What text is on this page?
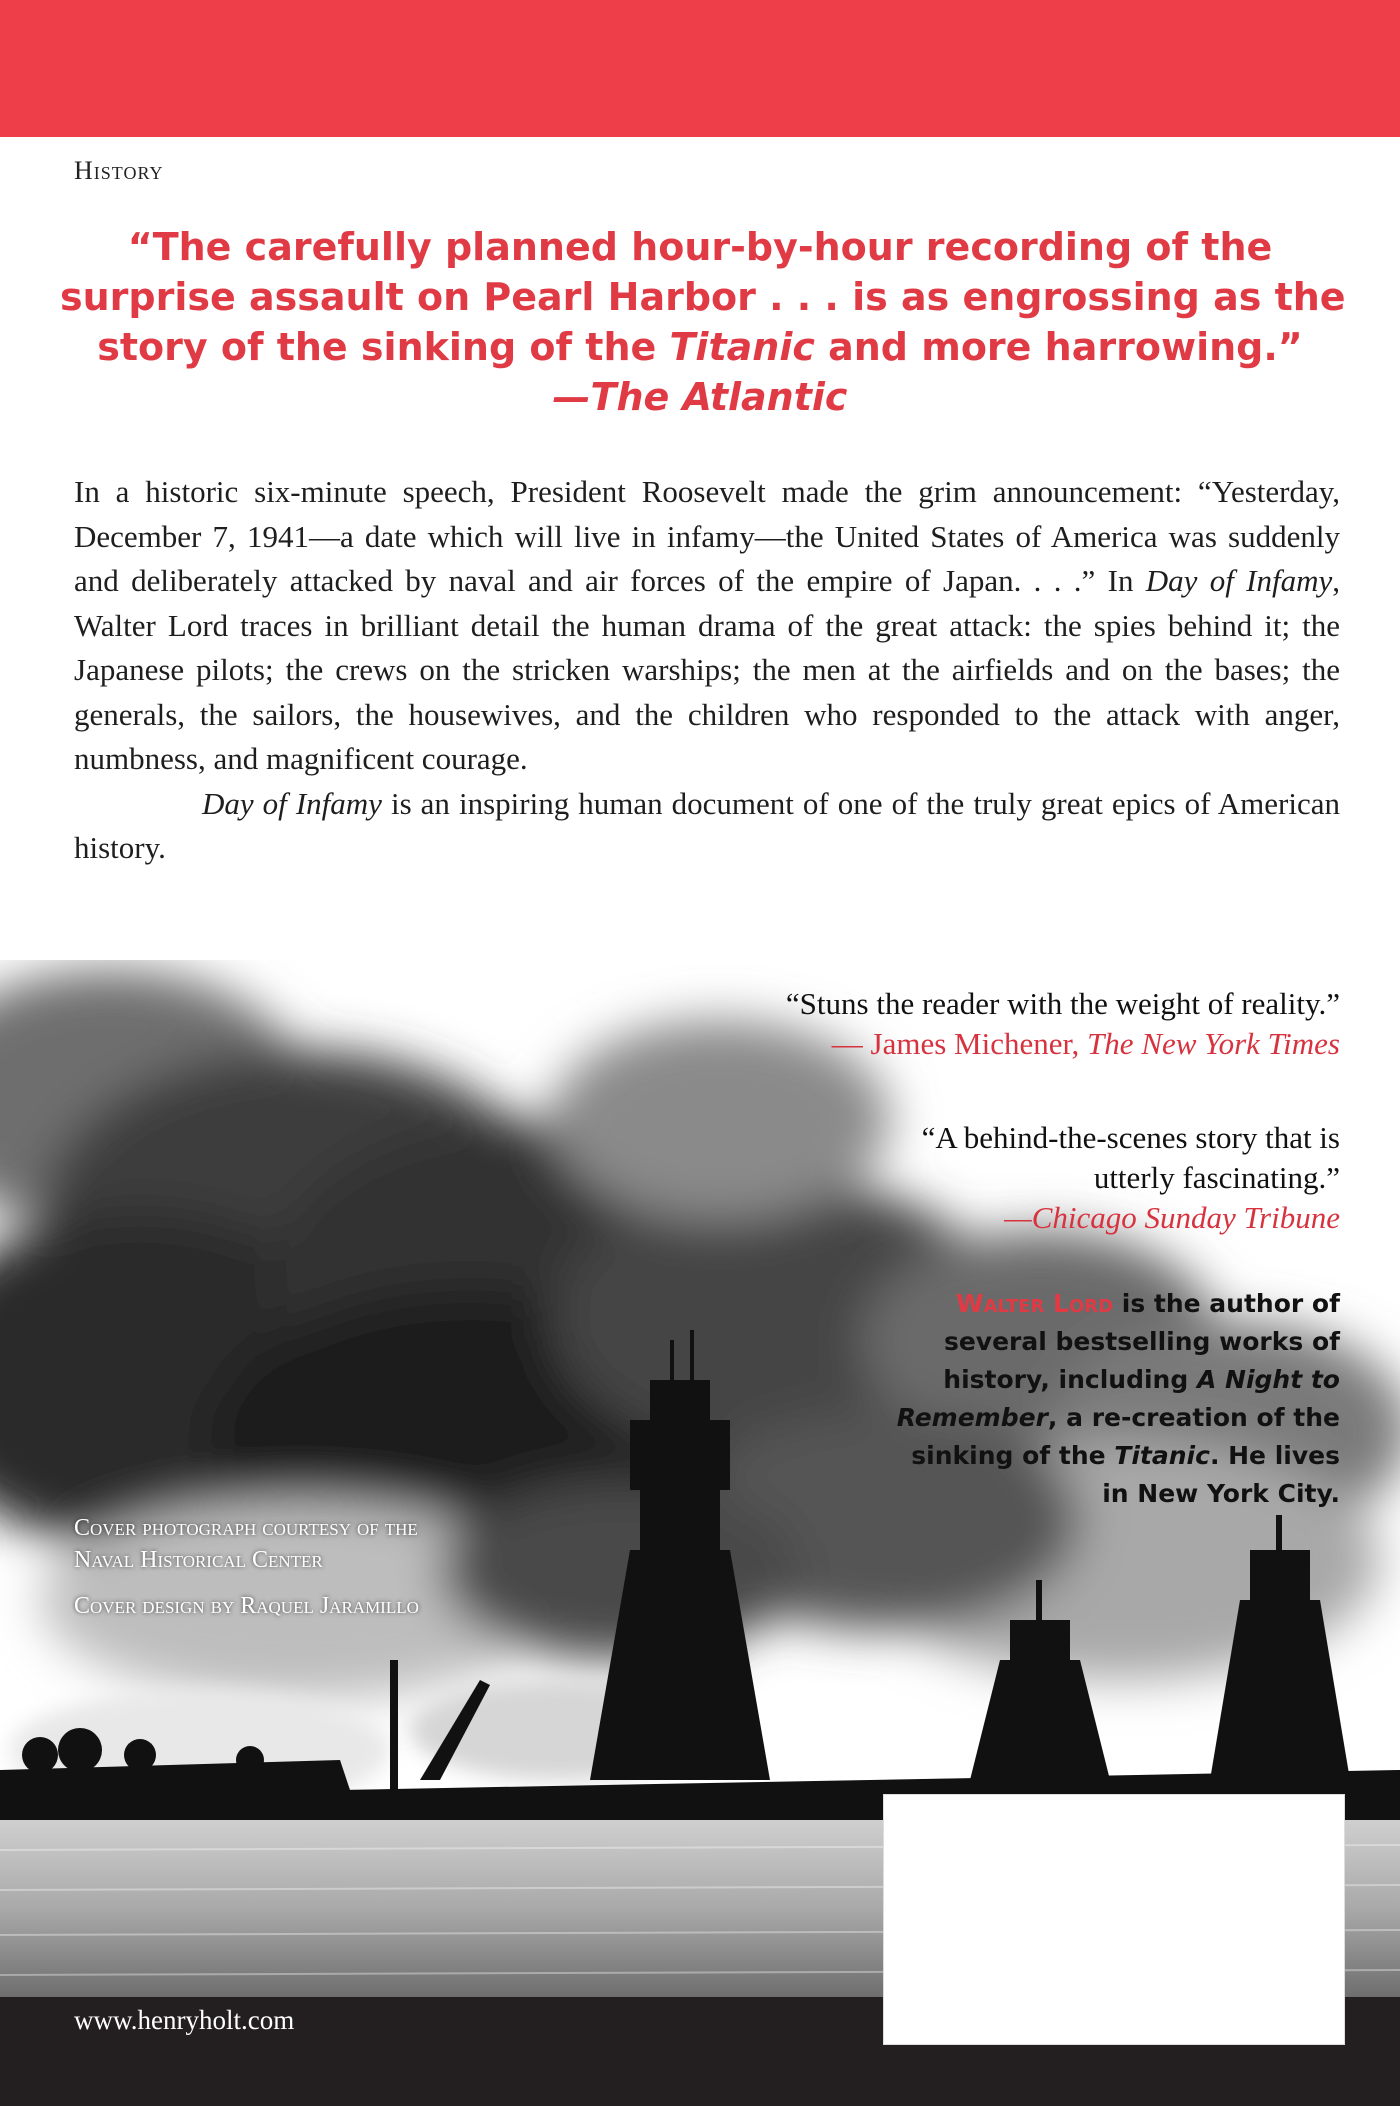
History
“The carefully planned hour-by-hour recording of the
surprise assault on Pearl Harbor . . . is as engrossing as the
story of the sinking of the Titanic and more harrowing.”
—The Atlantic

In a historic six-minute speech, President Roosevelt made the grim announcement: “Yesterday, December 7, 1941—a date which will live in infamy—the United States of America was suddenly and deliberately attacked by naval and air forces of the empire of Japan. . . .” In Day of Infamy, Walter Lord traces in brilliant detail the human drama of the great attack: the spies behind it; the Japanese pilots; the crews on the stricken warships; the men at the airfields and on the bases; the generals, the sailors, the housewives, and the children who responded to the attack with anger, numbness, and magnificent courage.

Day of Infamy is an inspiring human document of one of the truly great epics of American history.

“Stuns the reader with the weight of reality.”
— James Michener, The New York Times
“A behind-the-scenes story that is
utterly fascinating.”
—Chicago Sunday Tribune
Walter Lord is the author of several bestselling works of history, including A Night to Remember, a re-creation of the sinking of the Titanic. He lives in New York City.
Cover photograph courtesy of the
Naval Historical Center
Cover design by Raquel Jaramillo
www.henryholt.com
